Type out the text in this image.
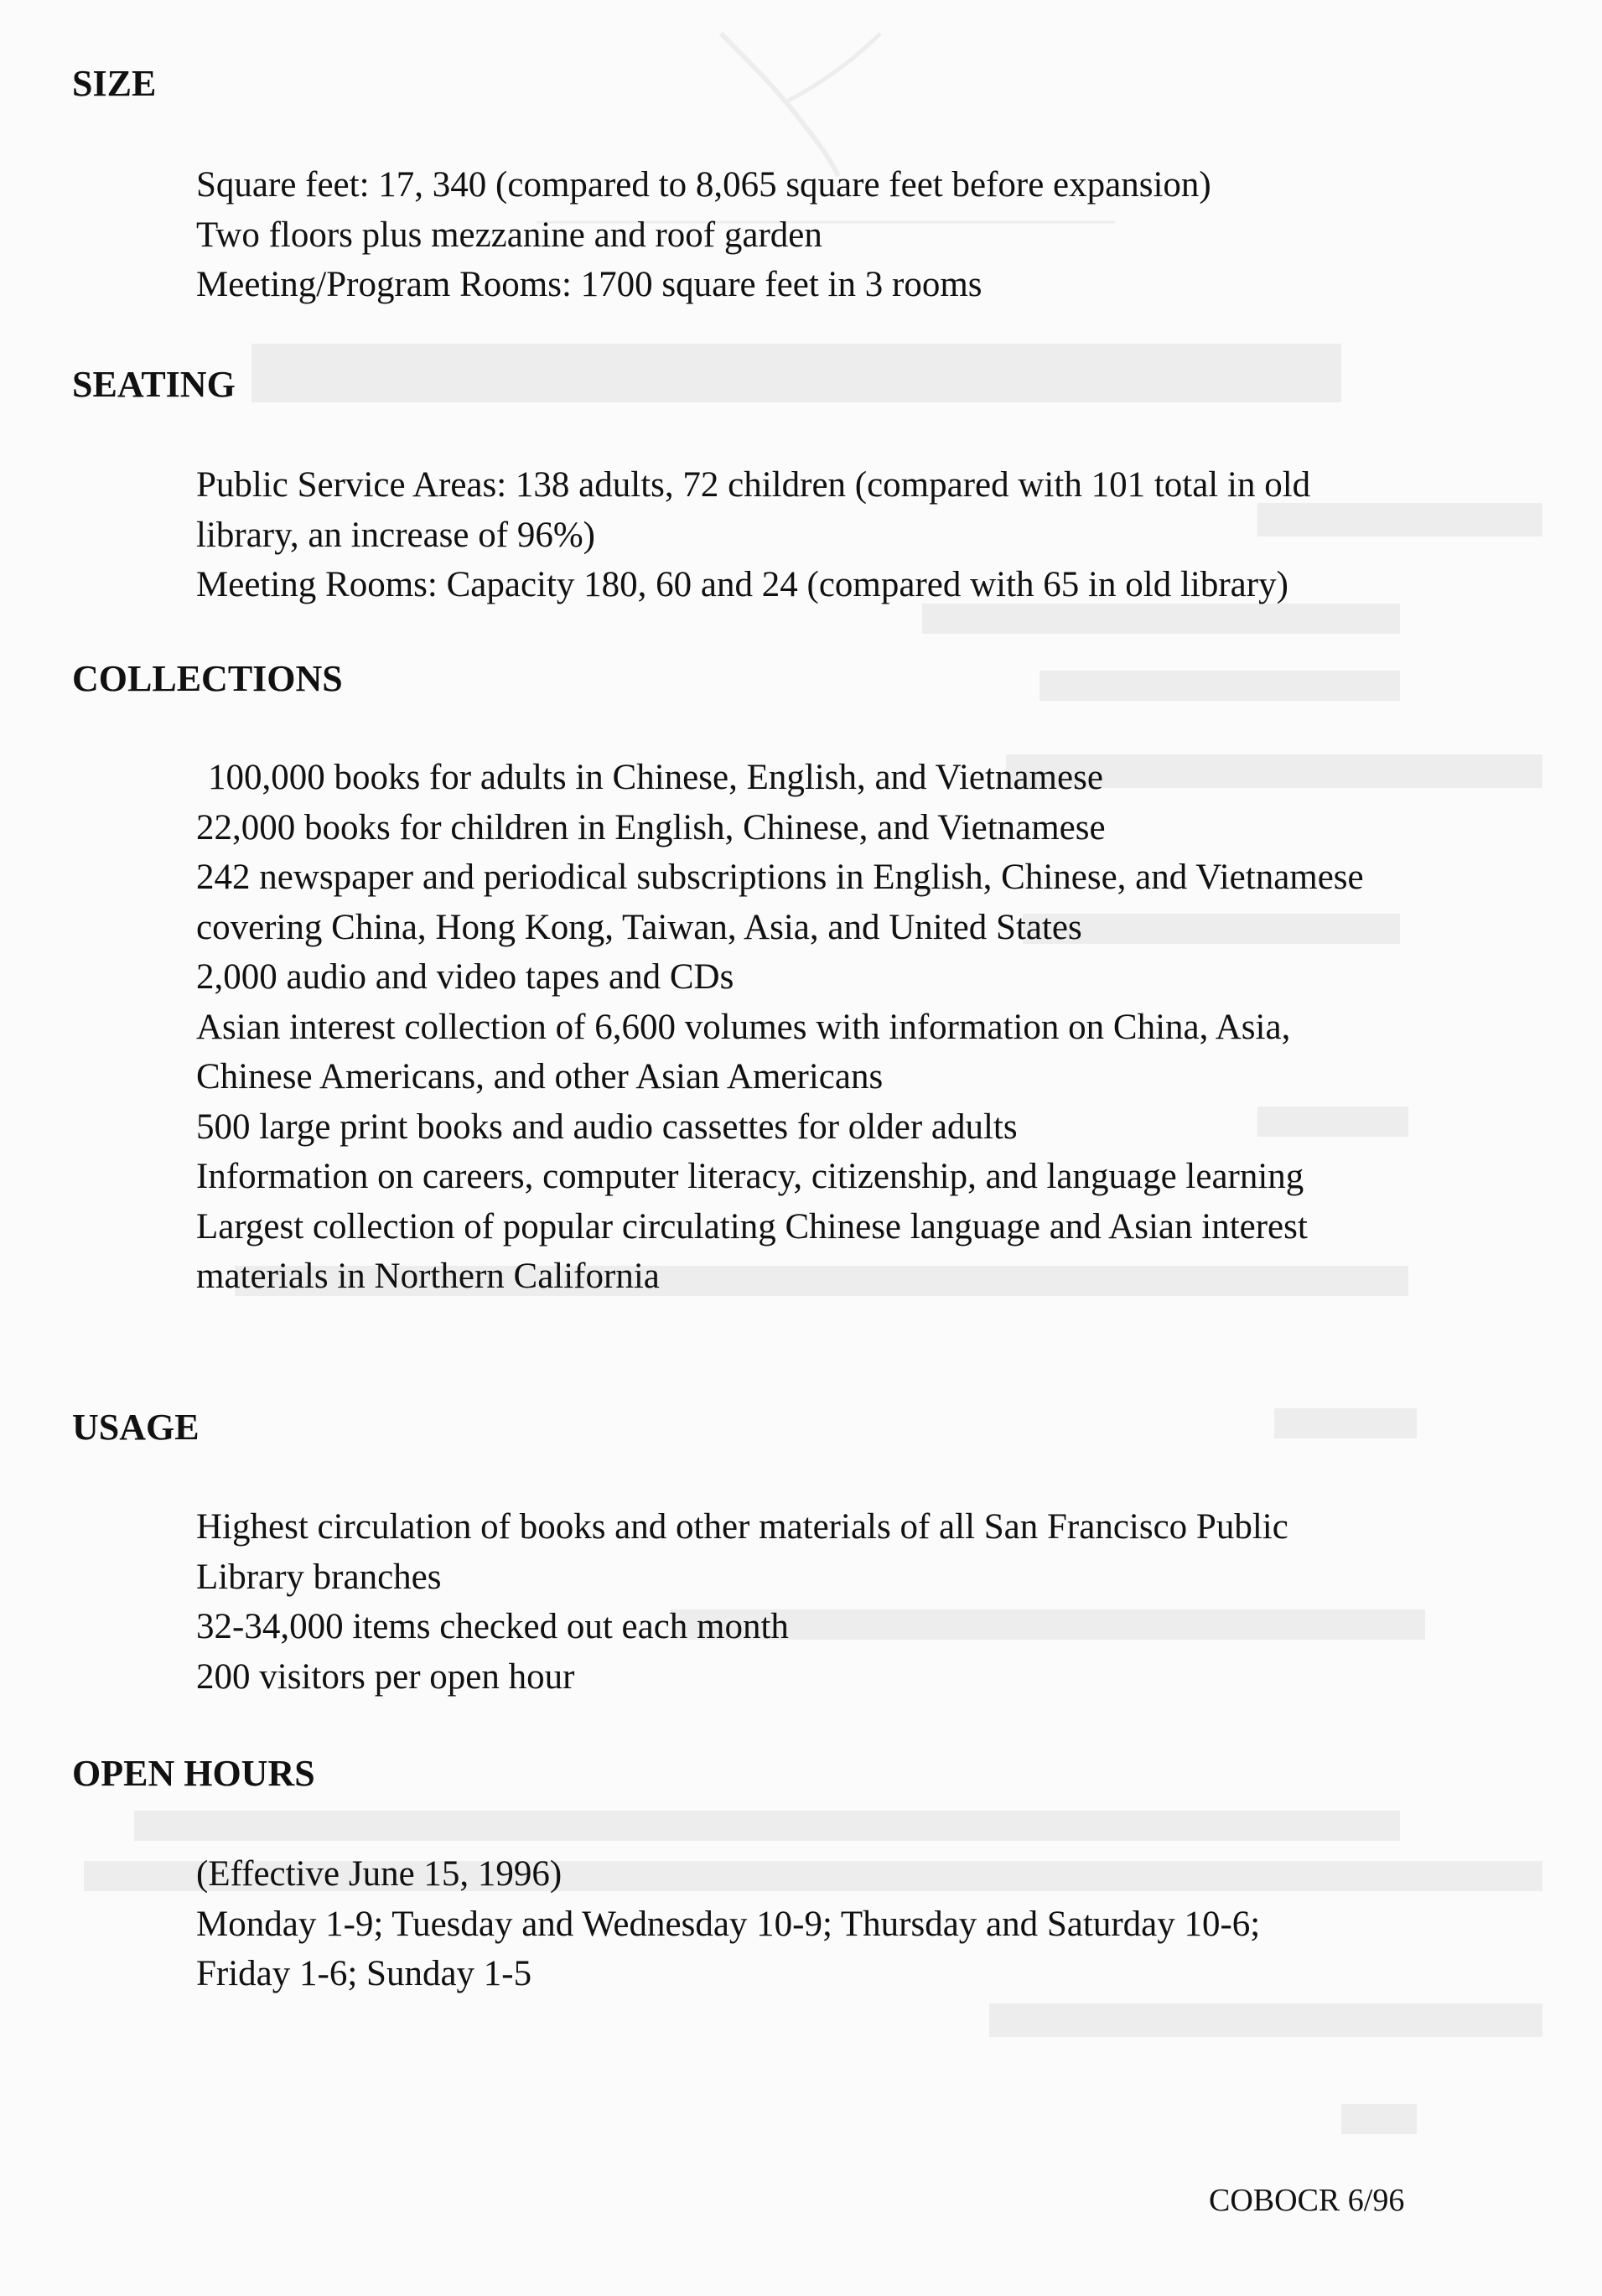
SIZE
Square feet: 17, 340 (compared to 8,065 square feet before expansion)
Two floors plus mezzanine and roof garden
Meeting/Program Rooms: 1700 square feet in 3 rooms
SEATING
Public Service Areas: 138 adults, 72 children (compared with 101 total in old
library, an increase of 96%)
Meeting Rooms: Capacity 180, 60 and 24 (compared with 65 in old library)
COLLECTIONS
100,000 books for adults in Chinese, English, and Vietnamese
22,000 books for children in English, Chinese, and Vietnamese
242 newspaper and periodical subscriptions in English, Chinese, and Vietnamese
covering China, Hong Kong, Taiwan, Asia, and United States
2,000 audio and video tapes and CDs
Asian interest collection of 6,600 volumes with information on China, Asia,
Chinese Americans, and other Asian Americans
500 large print books and audio cassettes for older adults
Information on careers, computer literacy, citizenship, and language learning
Largest collection of popular circulating Chinese language and Asian interest
materials in Northern California
USAGE
Highest circulation of books and other materials of all San Francisco Public
Library branches
32-34,000 items checked out each month
200 visitors per open hour
OPEN HOURS
(Effective June 15, 1996)
Monday 1-9; Tuesday and Wednesday 10-9; Thursday and Saturday 10-6;
Friday 1-6; Sunday 1-5
COBOCR 6/96
